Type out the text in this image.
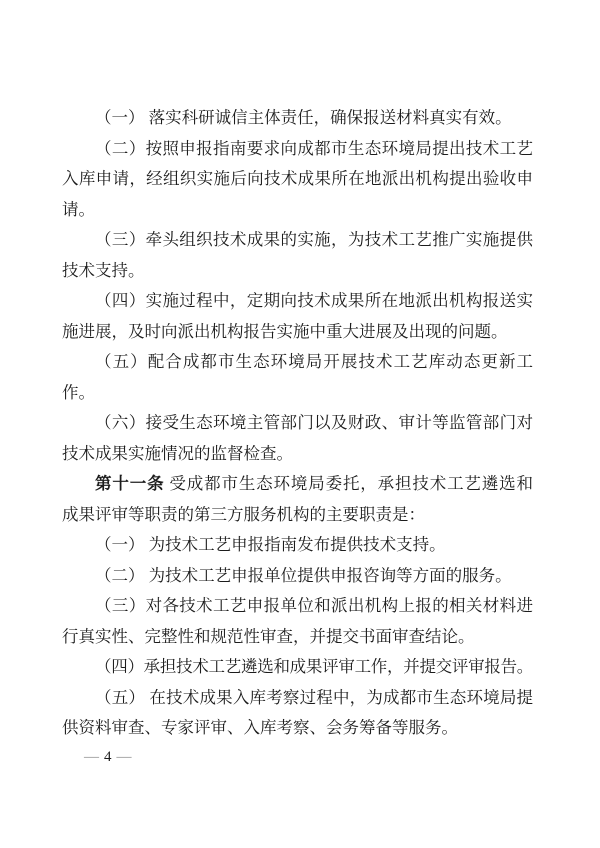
（一） 落实科研诚信主体责任，确保报送材料真实有效。
（二）按照申报指南要求向成都市生态环境局提出技术工艺
入库申请，经组织实施后向技术成果所在地派出机构提出验收申
请。
（三）牵头组织技术成果的实施，为技术工艺推广实施提供
技术支持。
（四）实施过程中，定期向技术成果所在地派出机构报送实
施进展，及时向派出机构报告实施中重大进展及出现的问题。
（五）配合成都市生态环境局开展技术工艺库动态更新工
作。
（六）接受生态环境主管部门以及财政、审计等监管部门对
技术成果实施情况的监督检查。
第十一条 受成都市生态环境局委托，承担技术工艺遴选和
成果评审等职责的第三方服务机构的主要职责是：
（一） 为技术工艺申报指南发布提供技术支持。
（二） 为技术工艺申报单位提供申报咨询等方面的服务。
（三）对各技术工艺申报单位和派出机构上报的相关材料进
行真实性、完整性和规范性审查，并提交书面审查结论。
（四）承担技术工艺遴选和成果评审工作，并提交评审报告。
（五） 在技术成果入库考察过程中，为成都市生态环境局提
供资料审查、专家评审、入库考察、会务筹备等服务。
— 4 —
